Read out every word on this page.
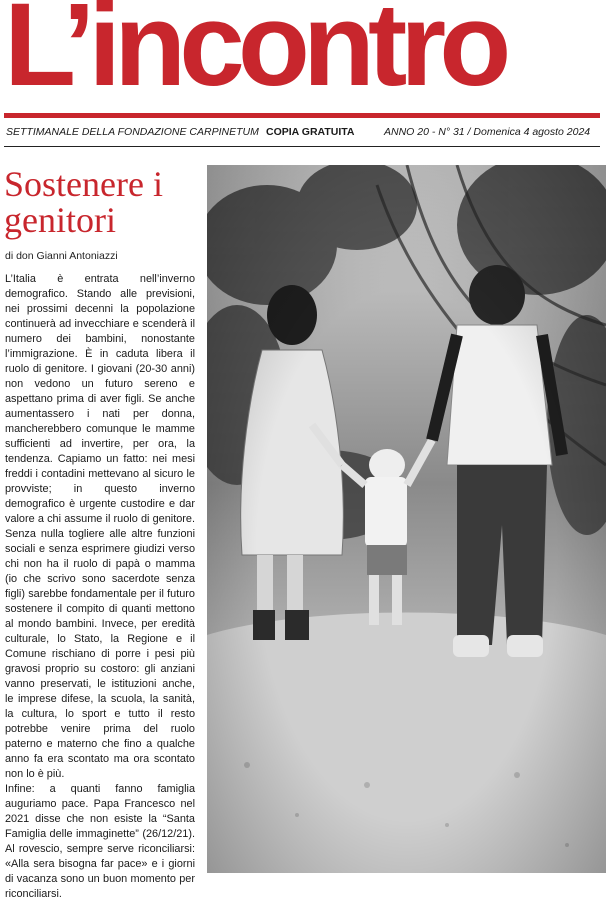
L’incontro
SETTIMANALE DELLA FONDAZIONE CARPINETUM COPIA GRATUITA	ANNO 20 - N° 31 / Domenica 4 agosto 2024
Sostenere i genitori
di don Gianni Antoniazzi

L’Italia è entrata nell’inverno demografico. Stando alle previsioni, nei prossimi decenni la popolazione continuerà ad invecchiare e scenderà il numero dei bambini, nonostante l’immigrazione. È in caduta libera il ruolo di genitore. I giovani (20-30 anni) non vedono un futuro sereno e aspettano prima di aver figli. Se anche aumentassero i nati per donna, mancherebbero comunque le mamme sufficienti ad invertire, per ora, la tendenza. Capiamo un fatto: nei mesi freddi i contadini mettevano al sicuro le provviste; in questo inverno demografico è urgente custodire e dar valore a chi assume il ruolo di genitore. Senza nulla togliere alle altre funzioni sociali e senza esprimere giudizi verso chi non ha il ruolo di papà o mamma (io che scrivo sono sacerdote senza figli) sarebbe fondamentale per il futuro sostenere il compito di quanti mettono al mondo bambini. Invece, per eredità culturale, lo Stato, la Regione e il Comune rischiano di porre i pesi più gravosi proprio su costoro: gli anziani vanno preservati, le istituzioni anche, le imprese difese, la scuola, la sanità, la cultura, lo sport e tutto il resto potrebbe venire prima del ruolo paterno e materno che fino a qualche anno fa era scontato ma ora scontato non lo è più.

Infine: a quanti fanno famiglia auguriamo pace. Papa Francesco nel 2021 disse che non esiste la “Santa Famiglia delle immaginette” (26/12/21). Al rovescio, sempre serve riconciliarsi: «Alla sera bisogna far pace» e i giorni di vacanza sono un buon momento per riconciliarsi.
